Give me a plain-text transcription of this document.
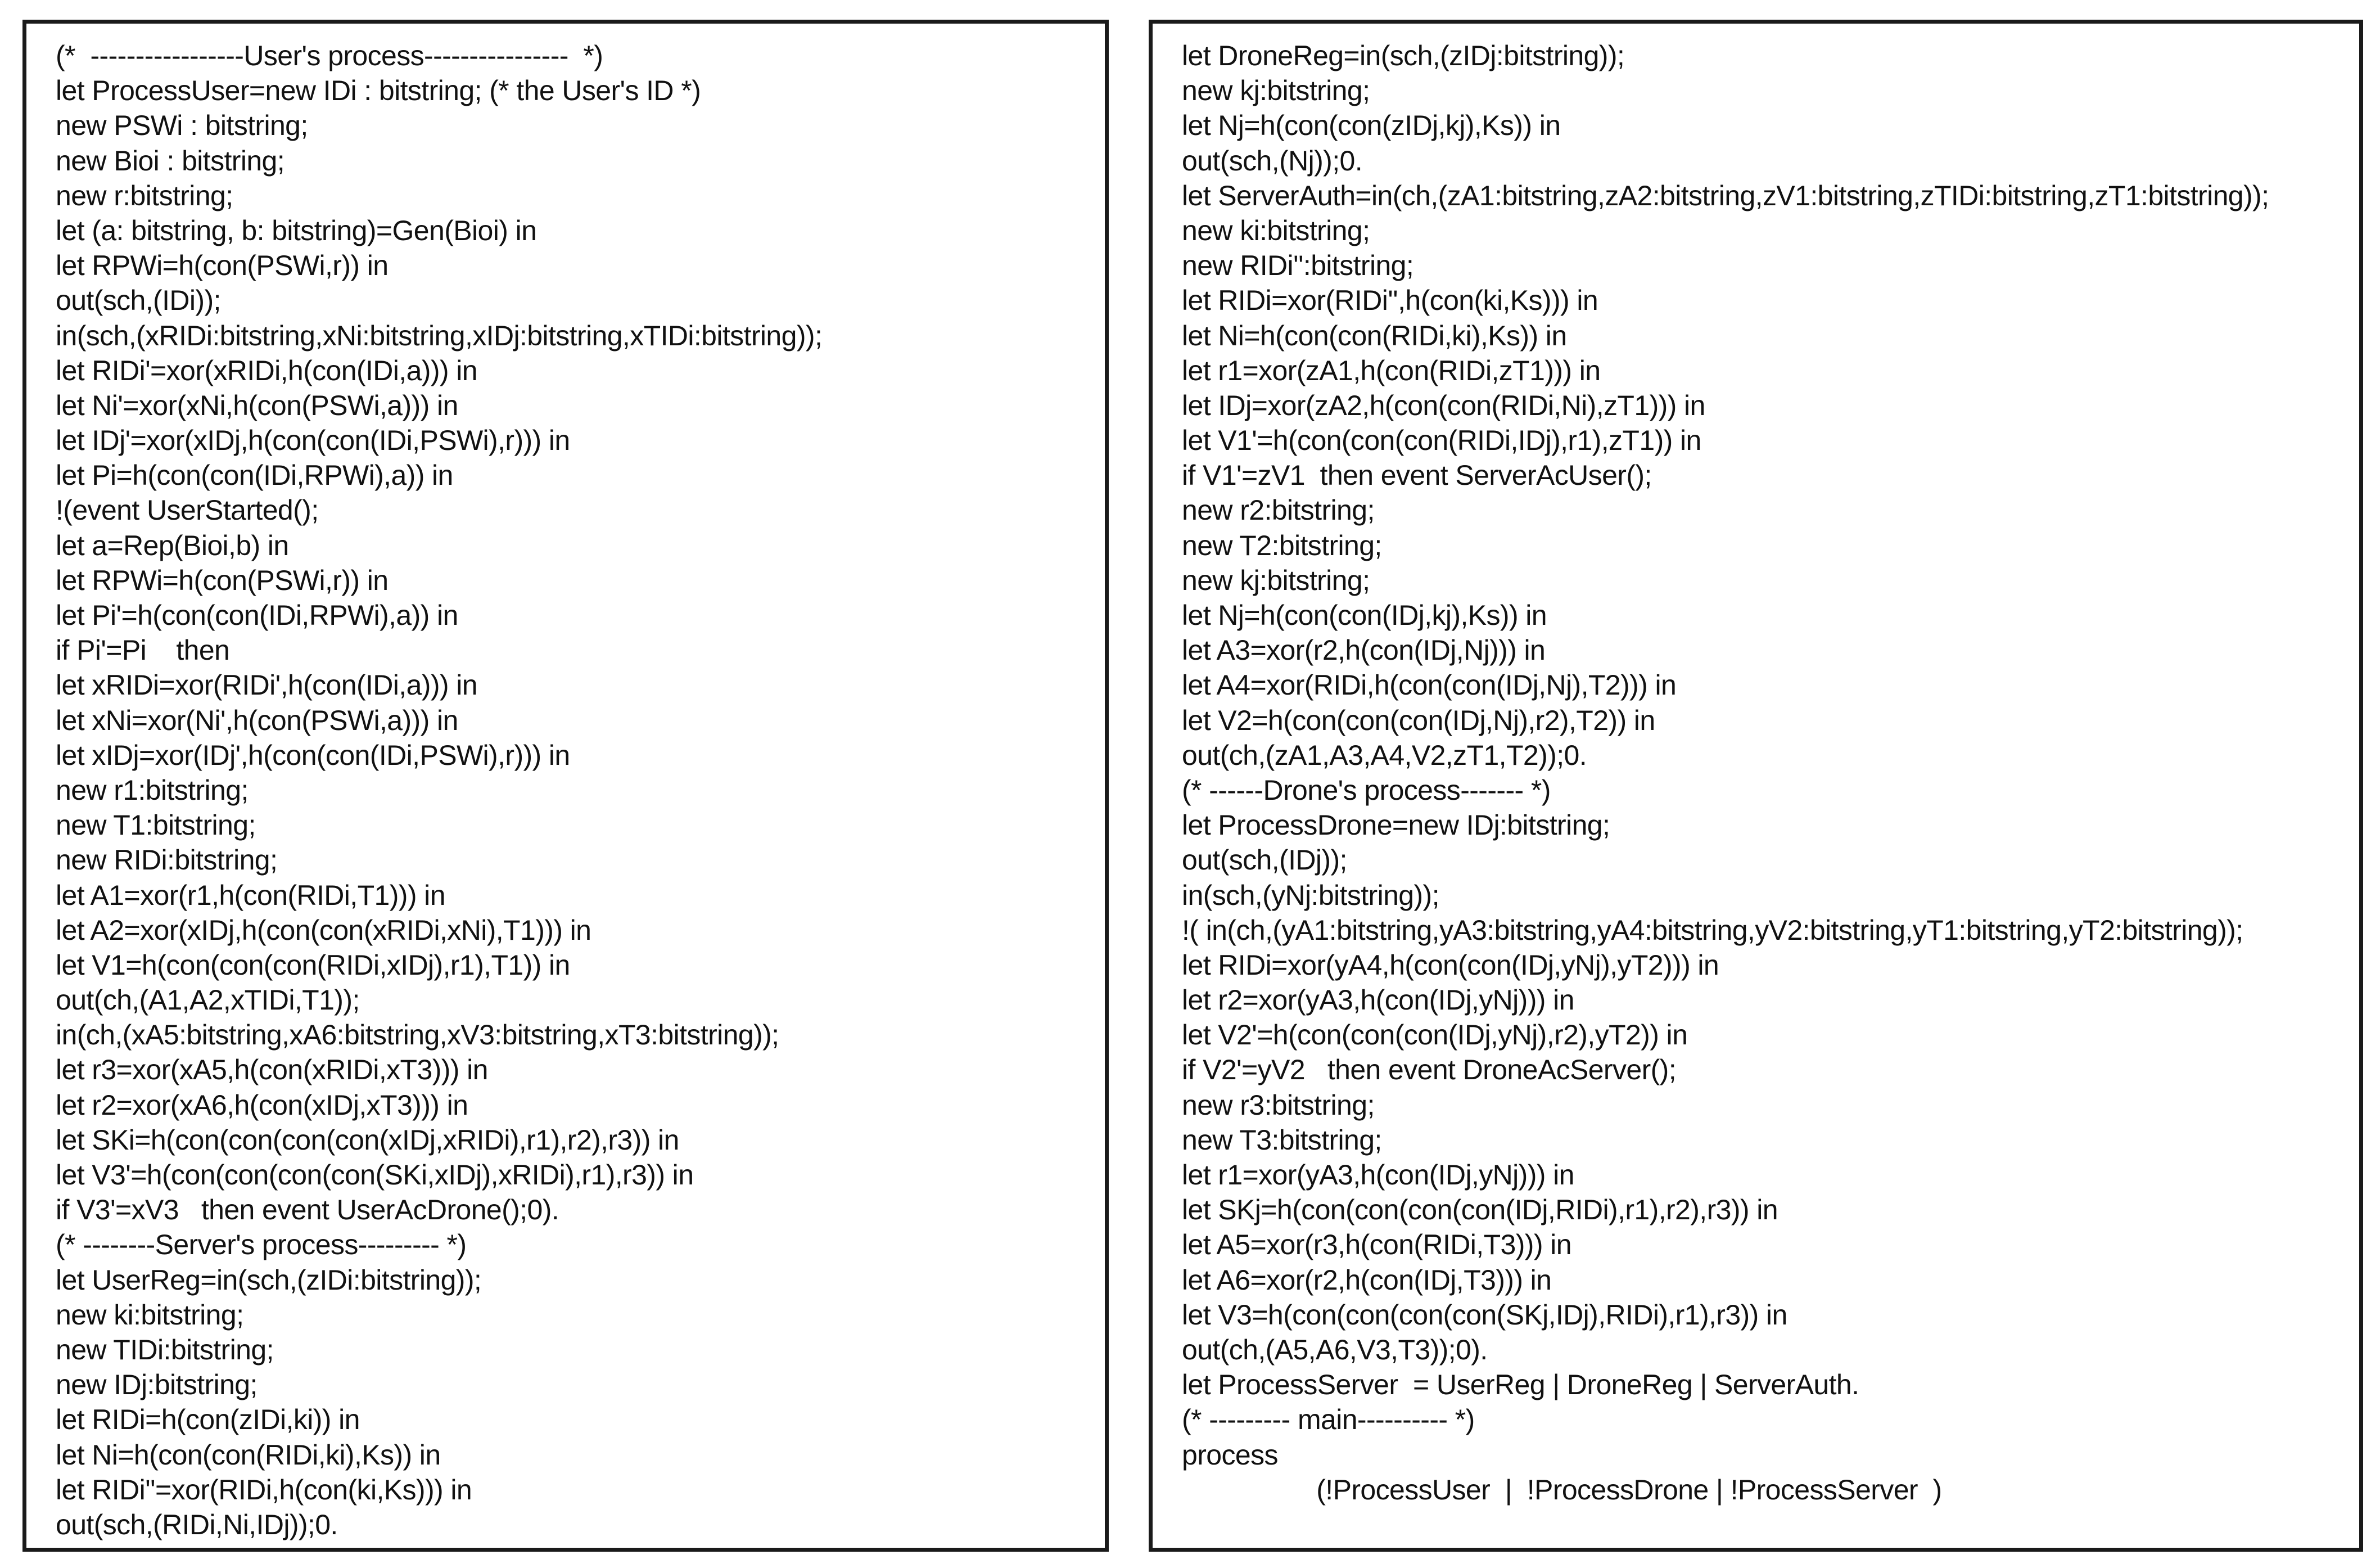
(*  -----------------User's process----------------  *)
let ProcessUser=new IDi : bitstring; (* the User's ID *)
new PSWi : bitstring;
new Bioi : bitstring;
new r:bitstring;
let (a: bitstring, b: bitstring)=Gen(Bioi) in
let RPWi=h(con(PSWi,r)) in
out(sch,(IDi));
in(sch,(xRIDi:bitstring,xNi:bitstring,xIDj:bitstring,xTIDi:bitstring));
let RIDi'=xor(xRIDi,h(con(IDi,a))) in
let Ni'=xor(xNi,h(con(PSWi,a))) in
let IDj'=xor(xIDj,h(con(con(IDi,PSWi),r))) in
let Pi=h(con(con(IDi,RPWi),a)) in
!(event UserStarted();
let a=Rep(Bioi,b) in
let RPWi=h(con(PSWi,r)) in
let Pi'=h(con(con(IDi,RPWi),a)) in
if Pi'=Pi    then
let xRIDi=xor(RIDi',h(con(IDi,a))) in
let xNi=xor(Ni',h(con(PSWi,a))) in
let xIDj=xor(IDj',h(con(con(IDi,PSWi),r))) in
new r1:bitstring;
new T1:bitstring;
new RIDi:bitstring;
let A1=xor(r1,h(con(RIDi,T1))) in
let A2=xor(xIDj,h(con(con(xRIDi,xNi),T1))) in
let V1=h(con(con(con(RIDi,xIDj),r1),T1)) in
out(ch,(A1,A2,xTIDi,T1));
in(ch,(xA5:bitstring,xA6:bitstring,xV3:bitstring,xT3:bitstring));
let r3=xor(xA5,h(con(xRIDi,xT3))) in
let r2=xor(xA6,h(con(xIDj,xT3))) in
let SKi=h(con(con(con(con(xIDj,xRIDi),r1),r2),r3)) in
let V3'=h(con(con(con(con(SKi,xIDj),xRIDi),r1),r3)) in
if V3'=xV3   then event UserAcDrone();0).
(* --------Server's process--------- *)
let UserReg=in(sch,(zIDi:bitstring));
new ki:bitstring;
new TIDi:bitstring;
new IDj:bitstring;
let RIDi=h(con(zIDi,ki)) in
let Ni=h(con(con(RIDi,ki),Ks)) in
let RIDi''=xor(RIDi,h(con(ki,Ks))) in
out(sch,(RIDi,Ni,IDj));0.
let DroneReg=in(sch,(zIDj:bitstring));
new kj:bitstring;
let Nj=h(con(con(zIDj,kj),Ks)) in
out(sch,(Nj));0.
let ServerAuth=in(ch,(zA1:bitstring,zA2:bitstring,zV1:bitstring,zTIDi:bitstring,zT1:bitstring));
new ki:bitstring;
new RIDi'':bitstring;
let RIDi=xor(RIDi'',h(con(ki,Ks))) in
let Ni=h(con(con(RIDi,ki),Ks)) in
let r1=xor(zA1,h(con(RIDi,zT1))) in
let IDj=xor(zA2,h(con(con(RIDi,Ni),zT1))) in
let V1'=h(con(con(con(RIDi,IDj),r1),zT1)) in
if V1'=zV1  then event ServerAcUser();
new r2:bitstring;
new T2:bitstring;
new kj:bitstring;
let Nj=h(con(con(IDj,kj),Ks)) in
let A3=xor(r2,h(con(IDj,Nj))) in
let A4=xor(RIDi,h(con(con(IDj,Nj),T2))) in
let V2=h(con(con(con(IDj,Nj),r2),T2)) in
out(ch,(zA1,A3,A4,V2,zT1,T2));0.
(* ------Drone's process------- *)
let ProcessDrone=new IDj:bitstring;
out(sch,(IDj));
in(sch,(yNj:bitstring));
!( in(ch,(yA1:bitstring,yA3:bitstring,yA4:bitstring,yV2:bitstring,yT1:bitstring,yT2:bitstring));
let RIDi=xor(yA4,h(con(con(IDj,yNj),yT2))) in
let r2=xor(yA3,h(con(IDj,yNj))) in
let V2'=h(con(con(con(IDj,yNj),r2),yT2)) in
if V2'=yV2   then event DroneAcServer();
new r3:bitstring;
new T3:bitstring;
let r1=xor(yA3,h(con(IDj,yNj))) in
let SKj=h(con(con(con(con(IDj,RIDi),r1),r2),r3)) in
let A5=xor(r3,h(con(RIDi,T3))) in
let A6=xor(r2,h(con(IDj,T3))) in
let V3=h(con(con(con(con(SKj,IDj),RIDi),r1),r3)) in
out(ch,(A5,A6,V3,T3));0).
let ProcessServer  = UserReg | DroneReg | ServerAuth.
(* --------- main---------- *)
process
(!ProcessUser  |  !ProcessDrone | !ProcessServer  )
